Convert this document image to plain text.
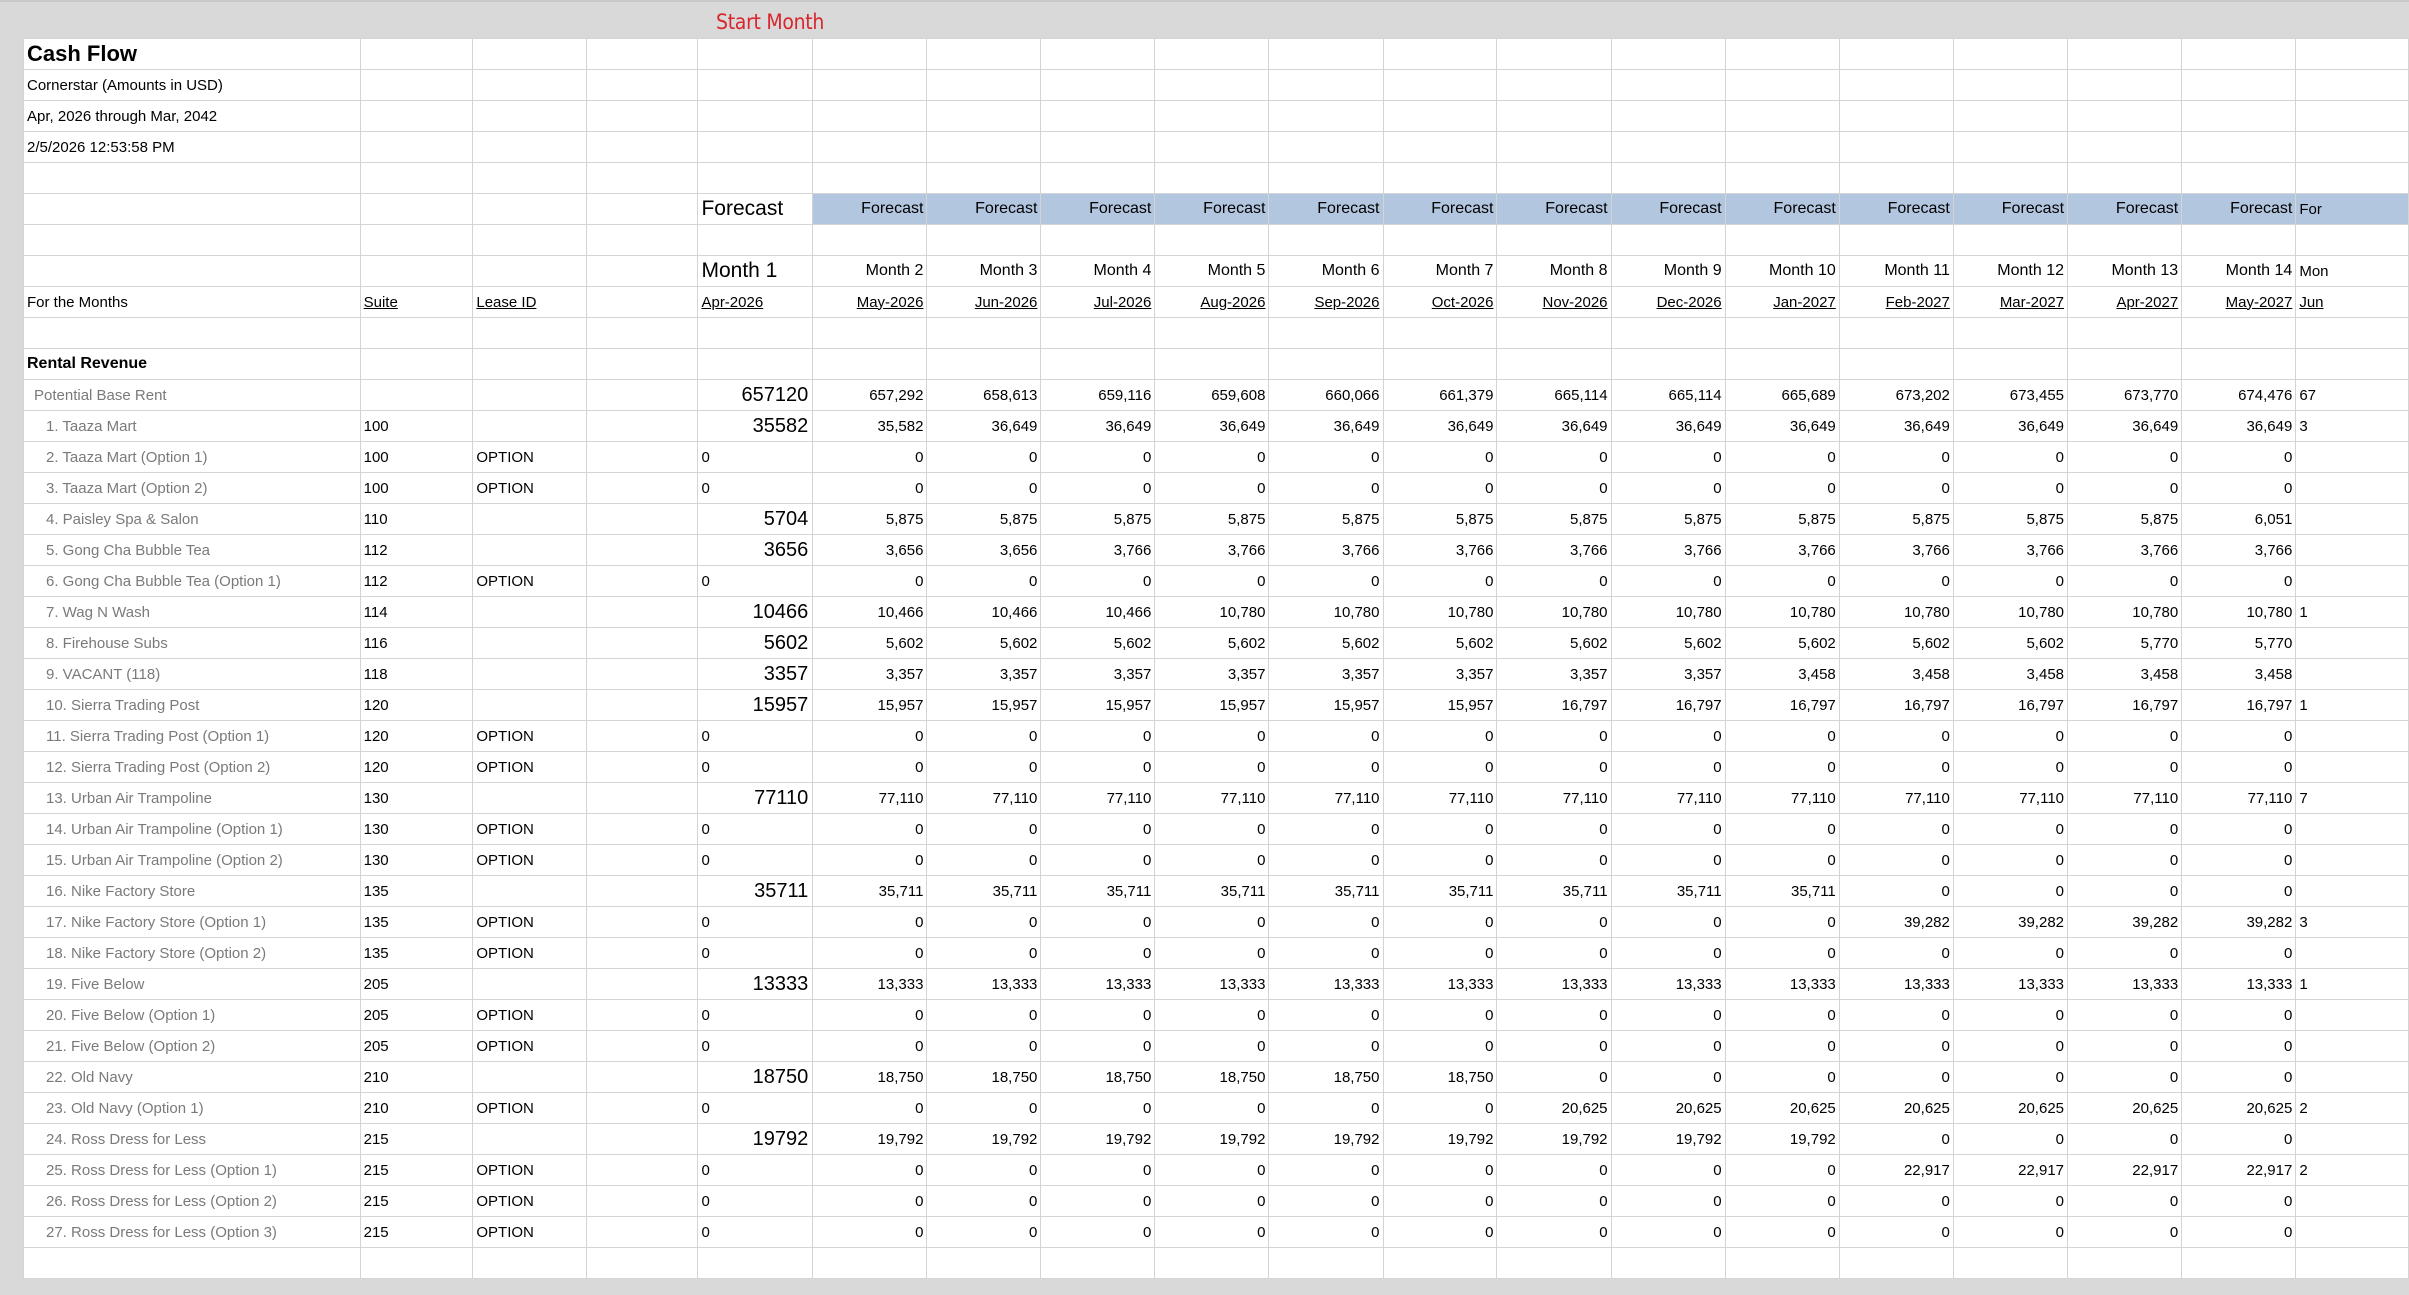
Start Month
Cash Flow																		
Cornerstar (Amounts in USD)																		
Apr, 2026 through Mar, 2042																		
2/5/2026 12:53:58 PM																		

				Forecast	Forecast	Forecast	Forecast	Forecast	Forecast	Forecast	Forecast	Forecast	Forecast	Forecast	Forecast	Forecast	Forecast	For

				Month 1	Month 2	Month 3	Month 4	Month 5	Month 6	Month 7	Month 8	Month 9	Month 10	Month 11	Month 12	Month 13	Month 14	Mon
For the Months	Suite	Lease ID		Apr-2026	May-2026	Jun-2026	Jul-2026	Aug-2026	Sep-2026	Oct-2026	Nov-2026	Dec-2026	Jan-2027	Feb-2027	Mar-2027	Apr-2027	May-2027	Jun

Rental Revenue																		
Potential Base Rent				657120	657,292	658,613	659,116	659,608	660,066	661,379	665,114	665,114	665,689	673,202	673,455	673,770	674,476	67
1. Taaza Mart	100			35582	35,582	36,649	36,649	36,649	36,649	36,649	36,649	36,649	36,649	36,649	36,649	36,649	36,649	3
2. Taaza Mart (Option 1)	100	OPTION		0	0	0	0	0	0	0	0	0	0	0	0	0	0	
3. Taaza Mart (Option 2)	100	OPTION		0	0	0	0	0	0	0	0	0	0	0	0	0	0	
4. Paisley Spa & Salon	110			5704	5,875	5,875	5,875	5,875	5,875	5,875	5,875	5,875	5,875	5,875	5,875	5,875	6,051	
5. Gong Cha Bubble Tea	112			3656	3,656	3,656	3,766	3,766	3,766	3,766	3,766	3,766	3,766	3,766	3,766	3,766	3,766	
6. Gong Cha Bubble Tea (Option 1)	112	OPTION		0	0	0	0	0	0	0	0	0	0	0	0	0	0	
7. Wag N Wash	114			10466	10,466	10,466	10,466	10,780	10,780	10,780	10,780	10,780	10,780	10,780	10,780	10,780	10,780	1
8. Firehouse Subs	116			5602	5,602	5,602	5,602	5,602	5,602	5,602	5,602	5,602	5,602	5,602	5,602	5,770	5,770	
9. VACANT (118)	118			3357	3,357	3,357	3,357	3,357	3,357	3,357	3,357	3,357	3,458	3,458	3,458	3,458	3,458	
10. Sierra Trading Post	120			15957	15,957	15,957	15,957	15,957	15,957	15,957	16,797	16,797	16,797	16,797	16,797	16,797	16,797	1
11. Sierra Trading Post (Option 1)	120	OPTION		0	0	0	0	0	0	0	0	0	0	0	0	0	0	
12. Sierra Trading Post (Option 2)	120	OPTION		0	0	0	0	0	0	0	0	0	0	0	0	0	0	
13. Urban Air Trampoline	130			77110	77,110	77,110	77,110	77,110	77,110	77,110	77,110	77,110	77,110	77,110	77,110	77,110	77,110	7
14. Urban Air Trampoline (Option 1)	130	OPTION		0	0	0	0	0	0	0	0	0	0	0	0	0	0	
15. Urban Air Trampoline (Option 2)	130	OPTION		0	0	0	0	0	0	0	0	0	0	0	0	0	0	
16. Nike Factory Store	135			35711	35,711	35,711	35,711	35,711	35,711	35,711	35,711	35,711	35,711	0	0	0	0	
17. Nike Factory Store (Option 1)	135	OPTION		0	0	0	0	0	0	0	0	0	0	39,282	39,282	39,282	39,282	3
18. Nike Factory Store (Option 2)	135	OPTION		0	0	0	0	0	0	0	0	0	0	0	0	0	0	
19. Five Below	205			13333	13,333	13,333	13,333	13,333	13,333	13,333	13,333	13,333	13,333	13,333	13,333	13,333	13,333	1
20. Five Below (Option 1)	205	OPTION		0	0	0	0	0	0	0	0	0	0	0	0	0	0	
21. Five Below (Option 2)	205	OPTION		0	0	0	0	0	0	0	0	0	0	0	0	0	0	
22. Old Navy	210			18750	18,750	18,750	18,750	18,750	18,750	18,750	0	0	0	0	0	0	0	
23. Old Navy (Option 1)	210	OPTION		0	0	0	0	0	0	0	20,625	20,625	20,625	20,625	20,625	20,625	20,625	2
24. Ross Dress for Less	215			19792	19,792	19,792	19,792	19,792	19,792	19,792	19,792	19,792	19,792	0	0	0	0	
25. Ross Dress for Less (Option 1)	215	OPTION		0	0	0	0	0	0	0	0	0	0	22,917	22,917	22,917	22,917	2
26. Ross Dress for Less (Option 2)	215	OPTION		0	0	0	0	0	0	0	0	0	0	0	0	0	0	
27. Ross Dress for Less (Option 3)	215	OPTION		0	0	0	0	0	0	0	0	0	0	0	0	0	0	
